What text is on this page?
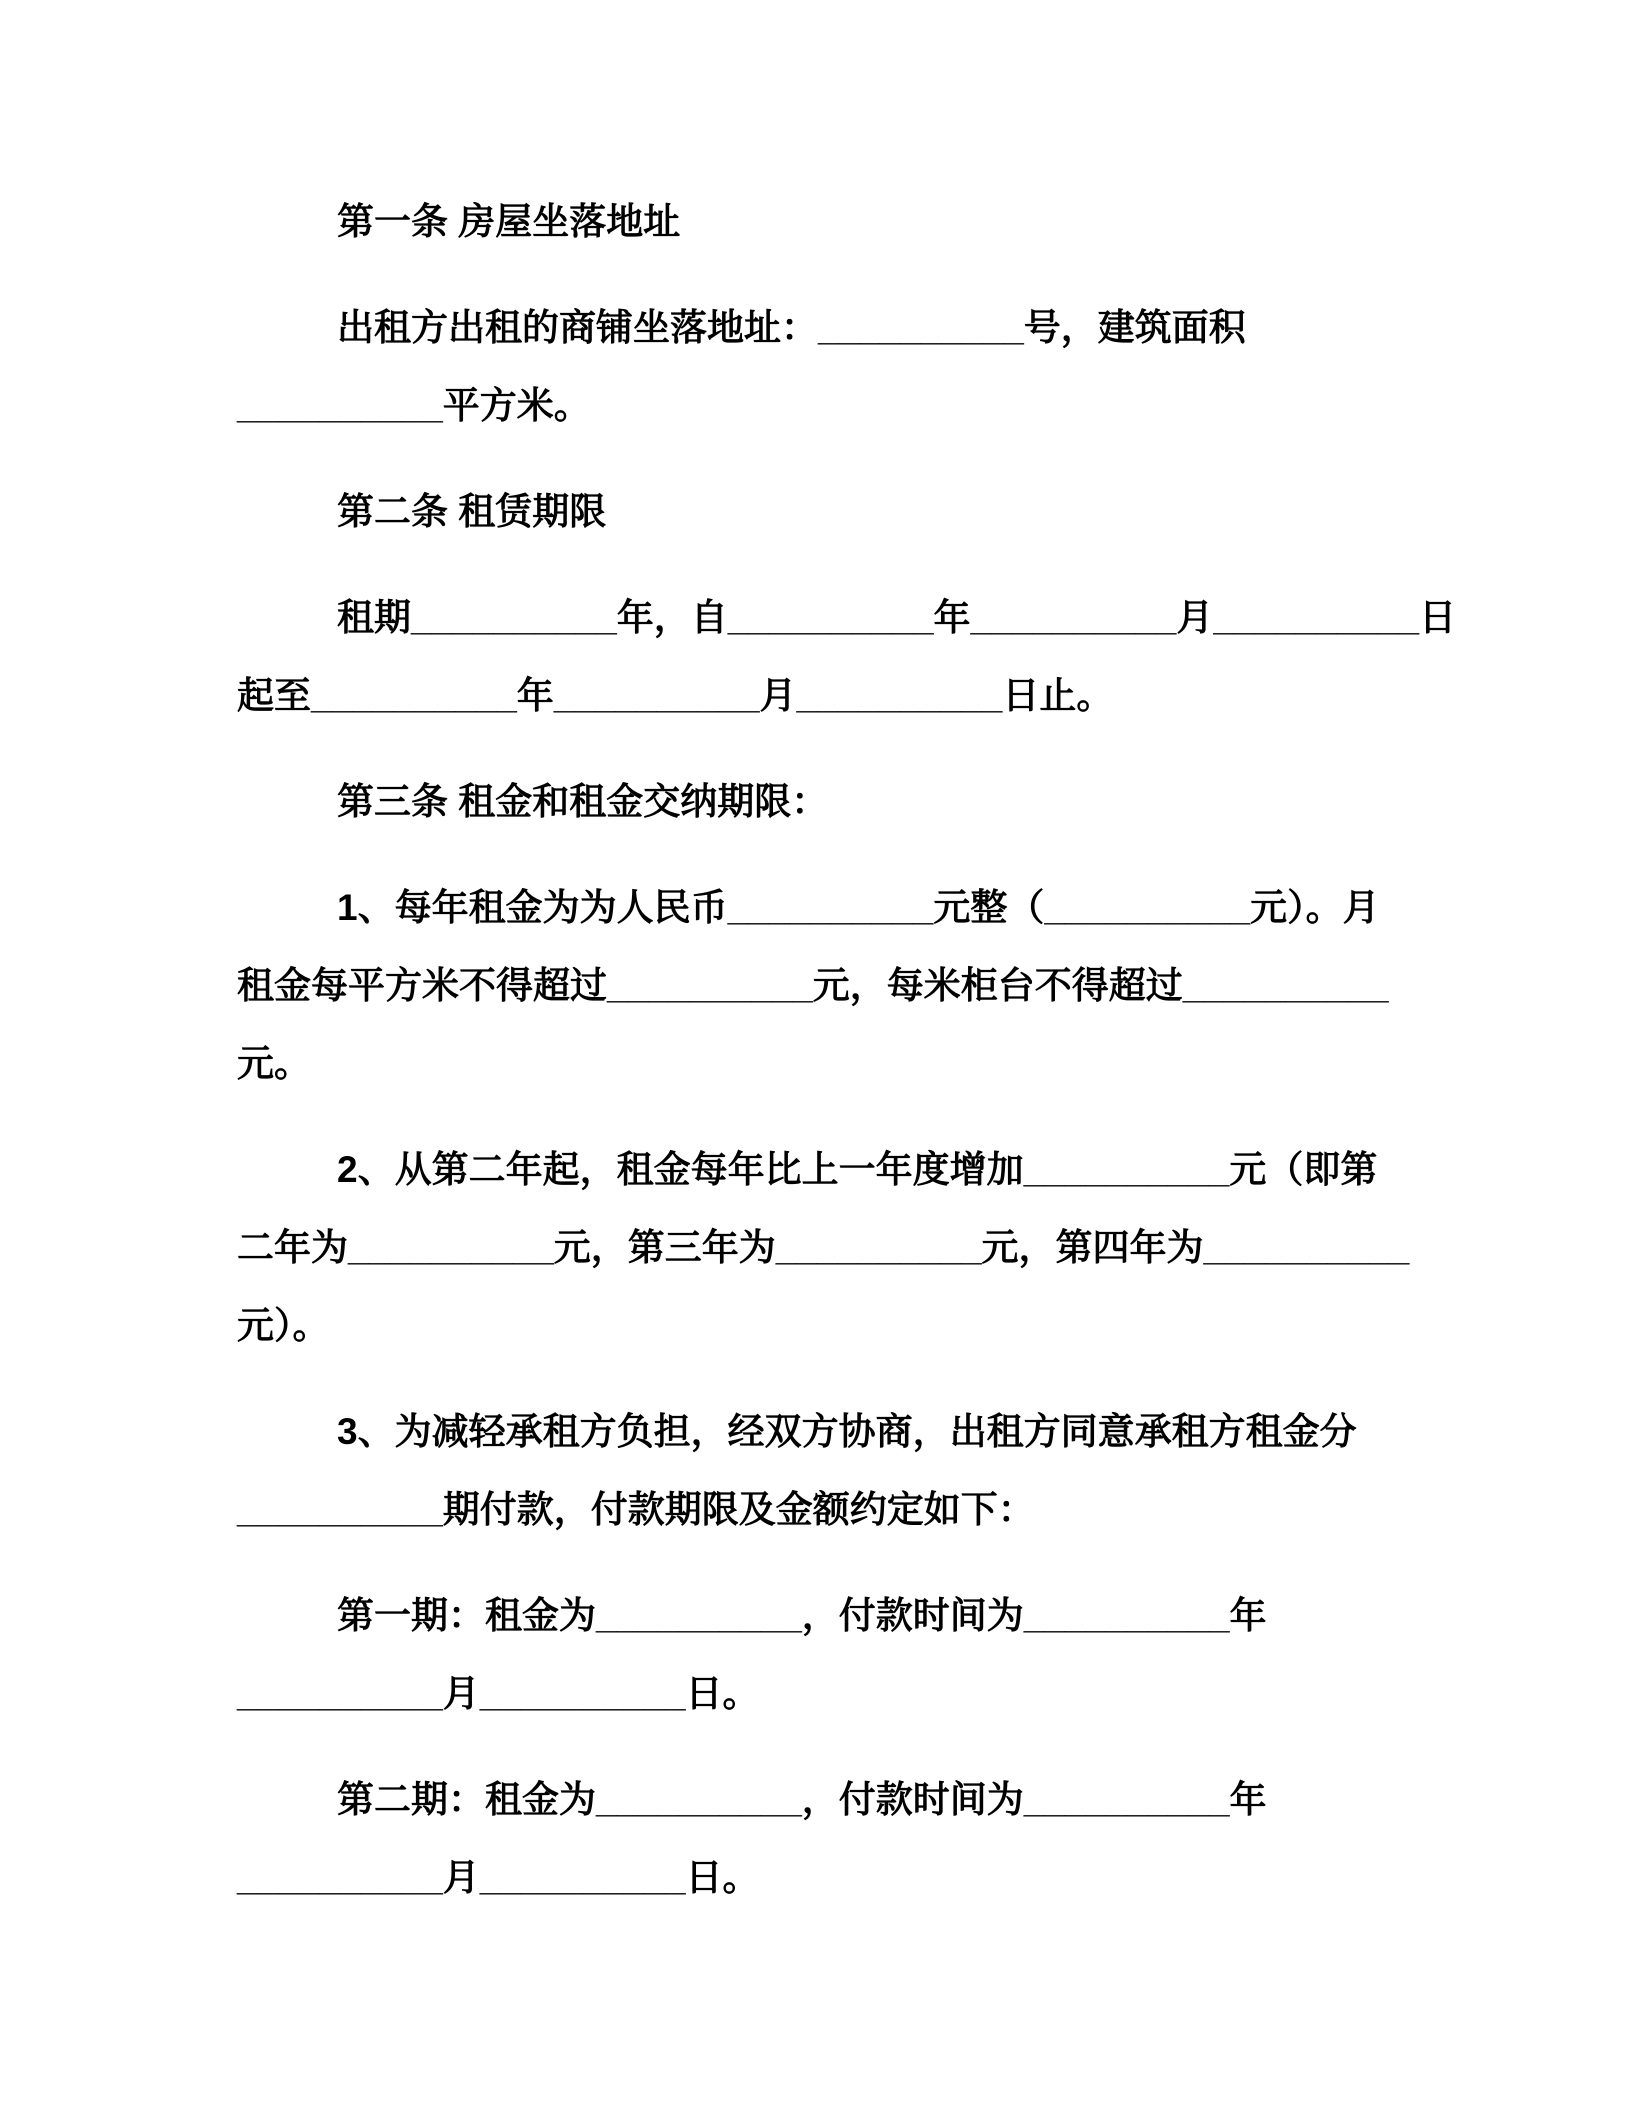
第一条 房屋坐落地址
出租方出租的商铺坐落地址：__________号，建筑面积
__________平方米。
第二条 租赁期限
租期__________年，自__________年__________月__________日
起至__________年__________月__________日止。
第三条 租金和租金交纳期限：
1、每年租金为为人民币__________元整（__________元）。月
租金每平方米不得超过__________元，每米柜台不得超过__________
元。
2、从第二年起，租金每年比上一年度增加__________元（即第
二年为__________元，第三年为__________元，第四年为__________
元）。
3、为减轻承租方负担，经双方协商，出租方同意承租方租金分
__________期付款，付款期限及金额约定如下：
第一期：租金为__________，付款时间为__________年
__________月__________日。
第二期：租金为__________，付款时间为__________年
__________月__________日。
